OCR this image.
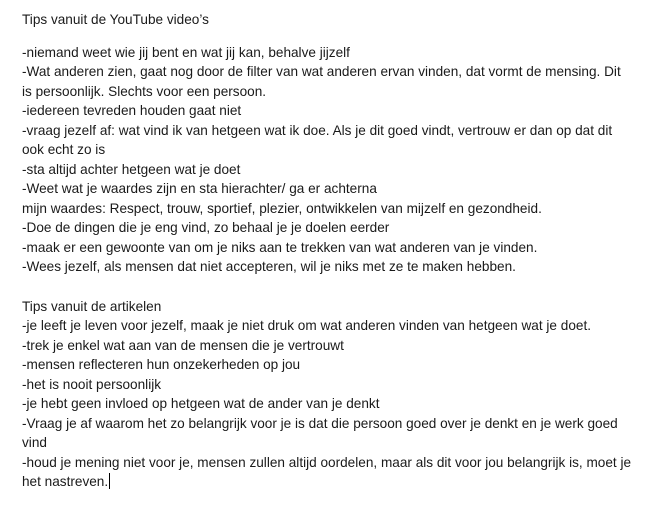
Tips vanuit de YouTube video’s

-niemand weet wie jij bent en wat jij kan, behalve jijzelf

-Wat anderen zien, gaat nog door de filter van wat anderen ervan vinden, dat vormt de mensing. Dit is persoonlijk. Slechts voor een persoon.

-iedereen tevreden houden gaat niet

-vraag jezelf af: wat vind ik van hetgeen wat ik doe. Als je dit goed vindt, vertrouw er dan op dat dit ook echt zo is

-sta altijd achter hetgeen wat je doet

-Weet wat je waardes zijn en sta hierachter/ ga er achterna

mijn waardes: Respect, trouw, sportief, plezier, ontwikkelen van mijzelf en gezondheid.

-Doe de dingen die je eng vind, zo behaal je je doelen eerder

-maak er een gewoonte van om je niks aan te trekken van wat anderen van je vinden.

-Wees jezelf, als mensen dat niet accepteren, wil je niks met ze te maken hebben.

Tips vanuit de artikelen

-je leeft je leven voor jezelf, maak je niet druk om wat anderen vinden van hetgeen wat je doet.

-trek je enkel wat aan van de mensen die je vertrouwt

-mensen reflecteren hun onzekerheden op jou

-het is nooit persoonlijk

-je hebt geen invloed op hetgeen wat de ander van je denkt

-Vraag je af waarom het zo belangrijk voor je is dat die persoon goed over je denkt en je werk goed vind

-houd je mening niet voor je, mensen zullen altijd oordelen, maar als dit voor jou belangrijk is, moet je het nastreven.
